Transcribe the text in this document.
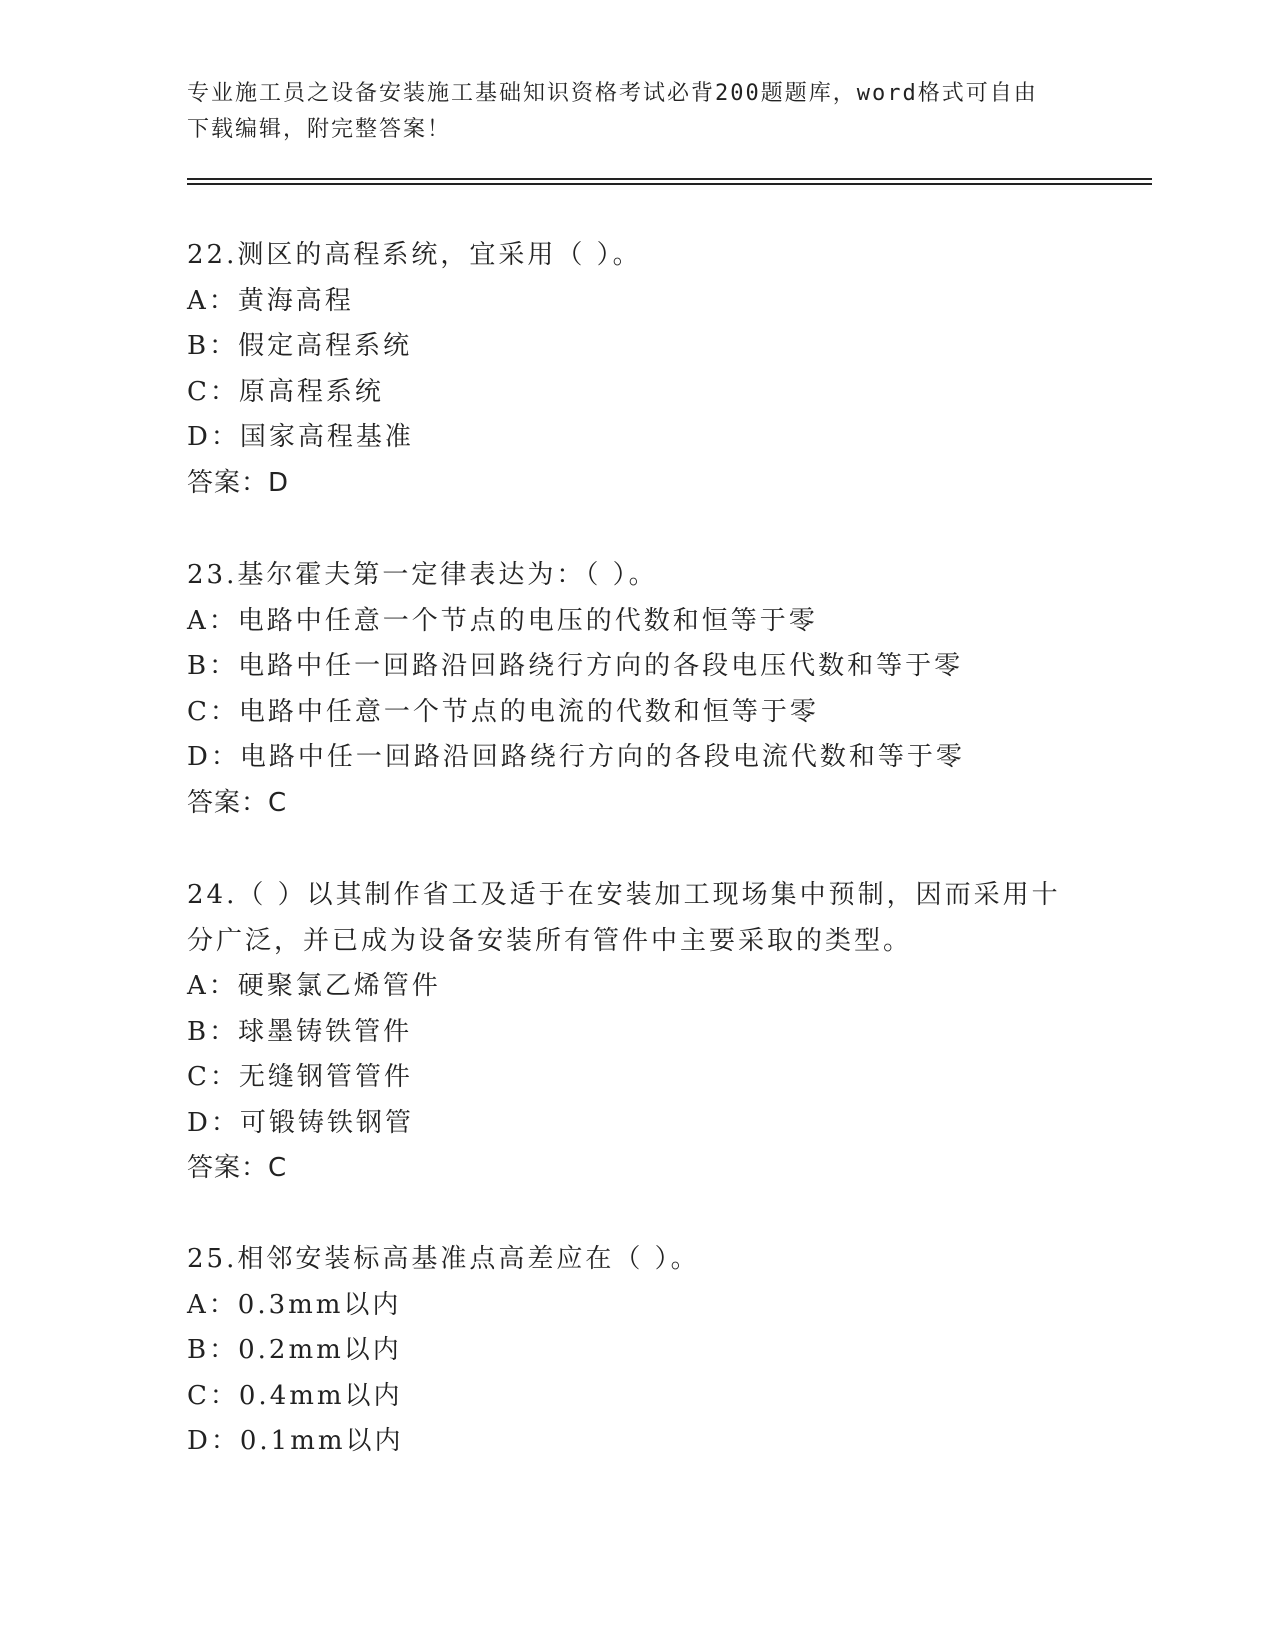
专业施工员之设备安装施工基础知识资格考试必背200题题库，word格式可自由
下载编辑，附完整答案！
22.测区的高程系统，宜采用（ ）。
A：黄海高程
B：假定高程系统
C：原高程系统
D：国家高程基准
答案：D
23.基尔霍夫第一定律表达为：（ ）。
A：电路中任意一个节点的电压的代数和恒等于零
B：电路中任一回路沿回路绕行方向的各段电压代数和等于零
C：电路中任意一个节点的电流的代数和恒等于零
D：电路中任一回路沿回路绕行方向的各段电流代数和等于零
答案：C
24.（ ）以其制作省工及适于在安装加工现场集中预制，因而采用十
分广泛，并已成为设备安装所有管件中主要采取的类型。
A：硬聚氯乙烯管件
B：球墨铸铁管件
C：无缝钢管管件
D：可锻铸铁钢管
答案：C
25.相邻安装标高基准点高差应在（ ）。
A：0.3mm以内
B：0.2mm以内
C：0.4mm以内
D：0.1mm以内
